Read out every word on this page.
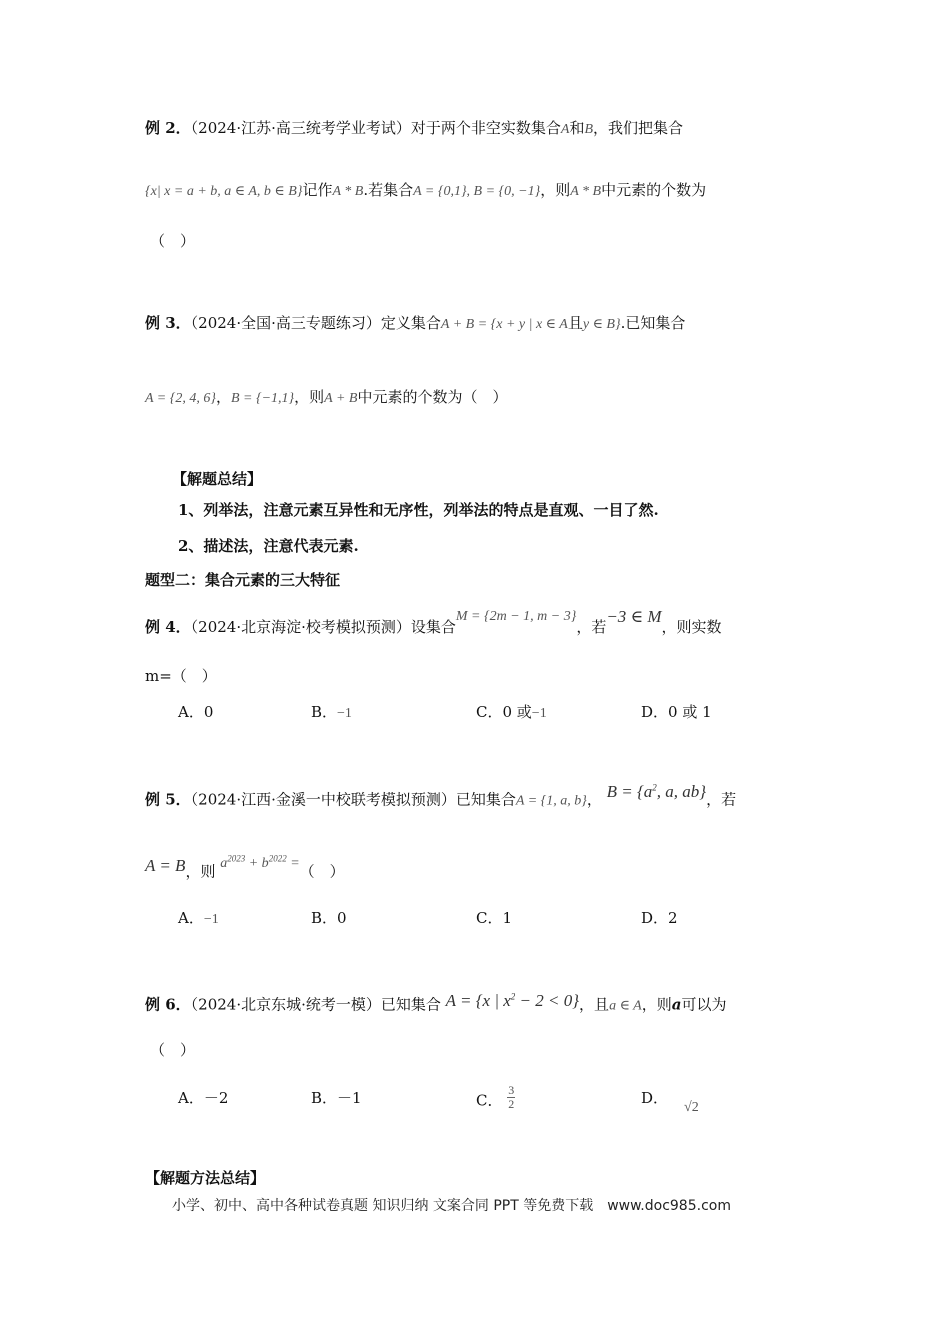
例 2．（2024·江苏·高三统考学业考试）对于两个非空实数集合A和B，我们把集合
{x| x = a + b, a ∈ A, b ∈ B}记作A * B.若集合A = {0,1}, B = {0, −1}，则A * B中元素的个数为
（　）
例 3．（2024·全国·高三专题练习）定义集合A + B = {x + y | x ∈ A且y ∈ B}.已知集合
A = {2, 4, 6}，B = {−1,1}，则A + B中元素的个数为（　）
【解题总结】
1、列举法，注意元素互异性和无序性，列举法的特点是直观、一目了然.
2、描述法，注意代表元素.
题型二：集合元素的三大特征
例 4．（2024·北京海淀·校考模拟预测）设集合M = {2m − 1, m − 3}，若−3 ∈ M，则实数
m=（　）
A．0	B．−1	C．0 或−1	D．0 或 1
例 5．（2024·江西·金溪一中校联考模拟预测）已知集合A = {1, a, b}， $B = \{a^2$, a, ab}，若
A = B，则 $a^{2023} + b^{2022}$ =（　）
A．−1	B．0	C．1	D．2
例 6．（2024·北京东城·统考一模）已知集合 A = {x | $x^2 - 2 < 0$}，且a ∈ A，则a可以为
（　）
A．－2	B．－1	C． $\frac{3}{2}$	D．√2
【解题方法总结】
小学、初中、高中各种试卷真题 知识归纳 文案合同 PPT 等免费下载　www.doc985.com
